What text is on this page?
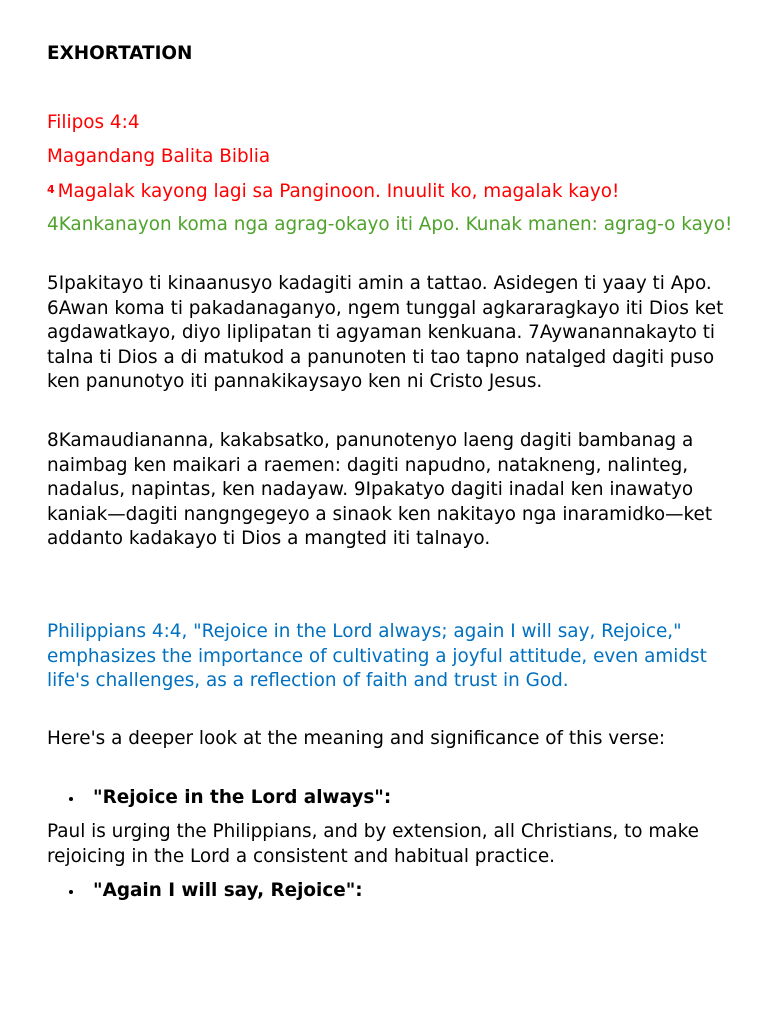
EXHORTATION
Filipos 4:4
Magandang Balita Biblia
$^4$ Magalak kayong lagi sa Panginoon. Inuulit ko, magalak kayo!
4Kankanayon koma nga agrag-okayo iti Apo. Kunak manen: agrag-o kayo!
5Ipakitayo ti kinaanusyo kadagiti amin a tattao. Asidegen ti yaay ti Apo. 6Awan koma ti pakadanaganyo, ngem tunggal agkararagkayo iti Dios ket agdawatkayo, diyo liplipatan ti agyaman kenkuana. 7Aywanannakayto ti talna ti Dios a di matukod a panunoten ti tao tapno natalged dagiti puso ken panunotyo iti pannakikaysayo ken ni Cristo Jesus.
8Kamaudiananna, kakabsatko, panunotenyo laeng dagiti bambanag a naimbag ken maikari a raemen: dagiti napudno, natakneng, nalinteg, nadalus, napintas, ken nadayaw. 9Ipakatyo dagiti inadal ken inawatyo kaniak—dagiti nangngegeyo a sinaok ken nakitayo nga inaramidko—ket addanto kadakayo ti Dios a mangted iti talnayo.
Philippians 4:4, "Rejoice in the Lord always; again I will say, Rejoice," emphasizes the importance of cultivating a joyful attitude, even amidst life's challenges, as a reflection of faith and trust in God.
Here's a deeper look at the meaning and significance of this verse:
"Rejoice in the Lord always":
Paul is urging the Philippians, and by extension, all Christians, to make rejoicing in the Lord a consistent and habitual practice.
"Again I will say, Rejoice":
